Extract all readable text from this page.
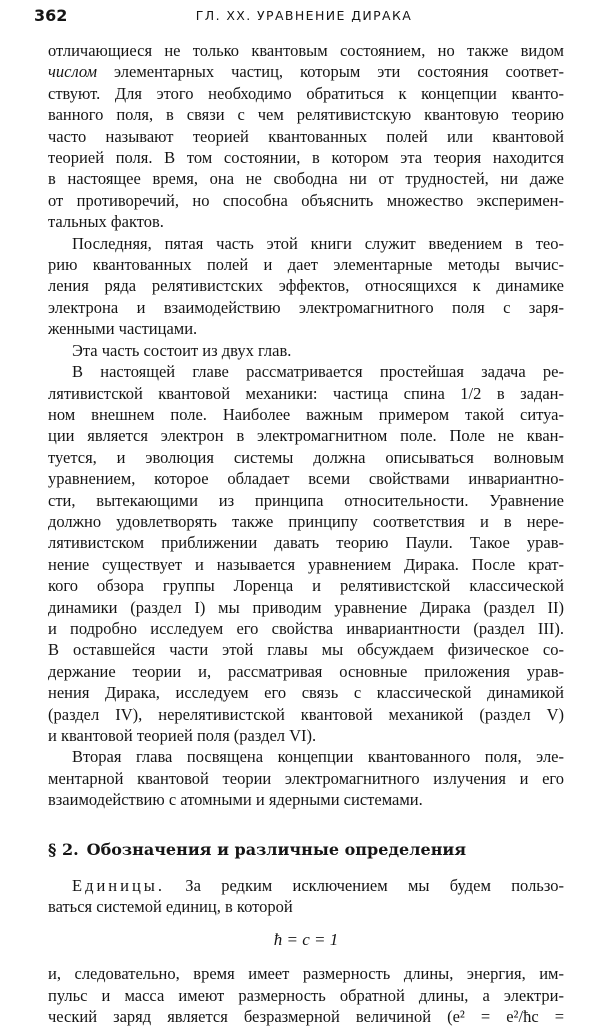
362	ГЛ. XX. УРАВНЕНИЕ ДИРАКА
отличающиеся не только квантовым состоянием, но также видом
числом элементарных частиц, которым эти состояния соответ-
ствуют. Для этого необходимо обратиться к концепции кванто-
ванного поля, в связи с чем релятивистскую квантовую теорию
часто называют теорией квантованных полей или квантовой
теорией поля. В том состоянии, в котором эта теория находится
в настоящее время, она не свободна ни от трудностей, ни даже
от противоречий, но способна объяснить множество эксперимен-
тальных фактов.
Последняя, пятая часть этой книги служит введением в тео-
рию квантованных полей и дает элементарные методы вычис-
ления ряда релятивистских эффектов, относящихся к динамике
электрона и взаимодействию электромагнитного поля с заря-
женными частицами.
Эта часть состоит из двух глав.
В настоящей главе рассматривается простейшая задача ре-
лятивистской квантовой механики: частица спина 1/2 в задан-
ном внешнем поле. Наиболее важным примером такой ситуа-
ции является электрон в электромагнитном поле. Поле не кван-
туется, и эволюция системы должна описываться волновым
уравнением, которое обладает всеми свойствами инвариантно-
сти, вытекающими из принципа относительности. Уравнение
должно удовлетворять также принципу соответствия и в нере-
лятивистском приближении давать теорию Паули. Такое урав-
нение существует и называется уравнением Дирака. После крат-
кого обзора группы Лоренца и релятивистской классической
динамики (раздел I) мы приводим уравнение Дирака (раздел II)
и подробно исследуем его свойства инвариантности (раздел III).
В оставшейся части этой главы мы обсуждаем физическое со-
держание теории и, рассматривая основные приложения урав-
нения Дирака, исследуем его связь с классической динамикой
(раздел IV), нерелятивистской квантовой механикой (раздел V)
и квантовой теорией поля (раздел VI).
Вторая глава посвящена концепции квантованного поля, эле-
ментарной квантовой теории электромагнитного излучения и его
взаимодействию с атомными и ядерными системами.
§ 2. Обозначения и различные определения
Единицы. За редким исключением мы будем пользо-
ваться системой единиц, в которой
ħ = c = 1
и, следовательно, время имеет размерность длины, энергия, им-
пульс и масса имеют размерность обратной длины, а электри-
ческий заряд является безразмерной величиной (e² = e²/ħc =
